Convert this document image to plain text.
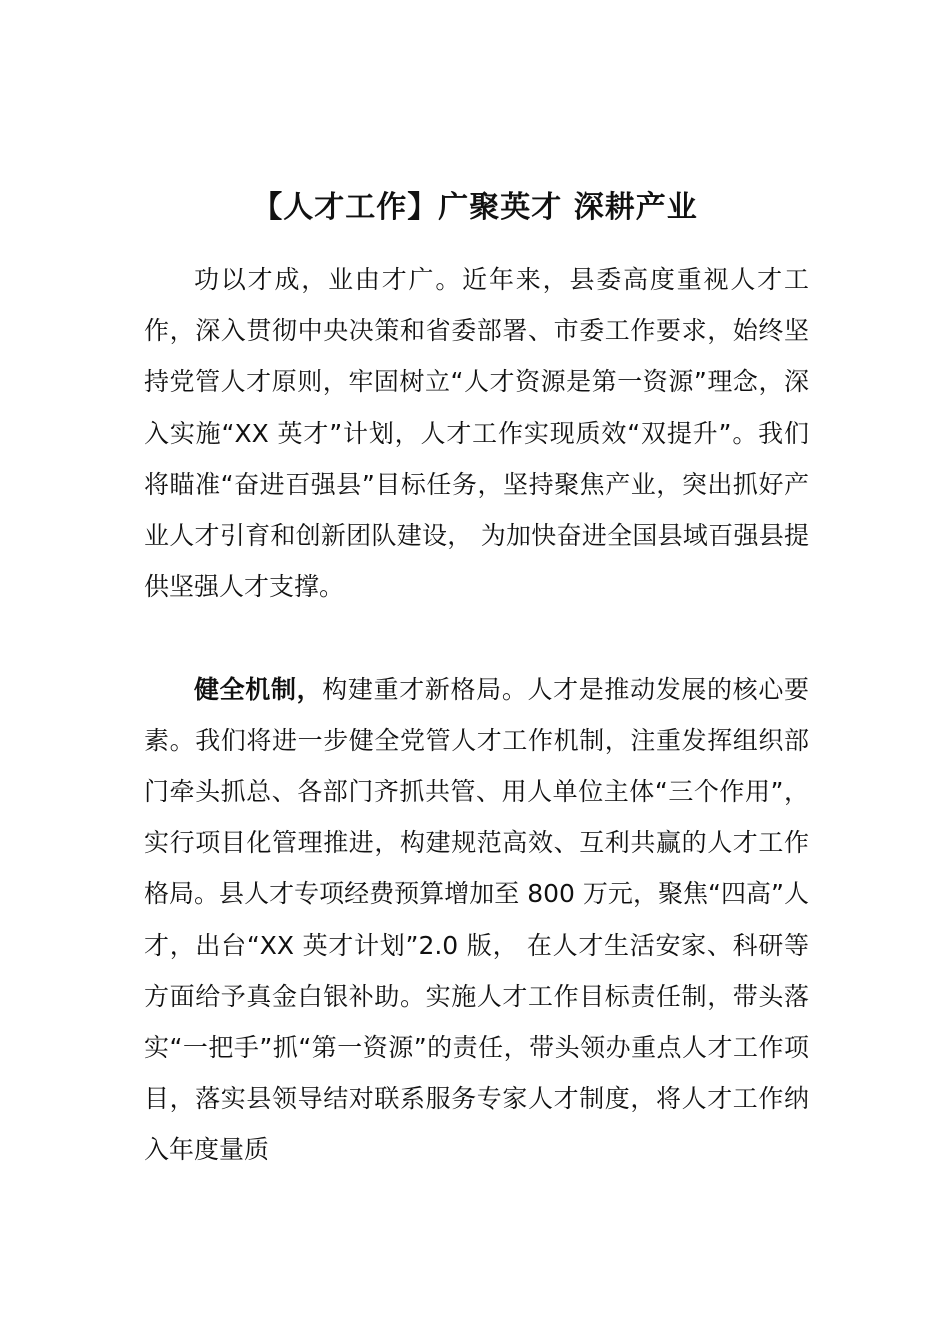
【人才工作】广聚英才 深耕产业

功以才成，业由才广。近年来，县委高度重视人才工作，深入贯彻中央决策和省委部署、市委工作要求，始终坚持党管人才原则，牢固树立“人才资源是第一资源”理念，深入实施“XX 英才”计划，人才工作实现质效“双提升”。我们将瞄准“奋进百强县”目标任务，坚持聚焦产业，突出抓好产业人才引育和创新团队建设， 为加快奋进全国县域百强县提供坚强人才支撑。

健全机制，构建重才新格局。人才是推动发展的核心要素。我们将进一步健全党管人才工作机制，注重发挥组织部门牵头抓总、各部门齐抓共管、用人单位主体“三个作用”，实行项目化管理推进，构建规范高效、互利共赢的人才工作格局。县人才专项经费预算增加至 800 万元，聚焦“四高”人才，出台“XX 英才计划”2.0 版， 在人才生活安家、科研等方面给予真金白银补助。实施人才工作目标责任制，带头落实“一把手”抓“第一资源”的责任，带头领办重点人才工作项目，落实县领导结对联系服务专家人才制度，将人才工作纳入年度量质
